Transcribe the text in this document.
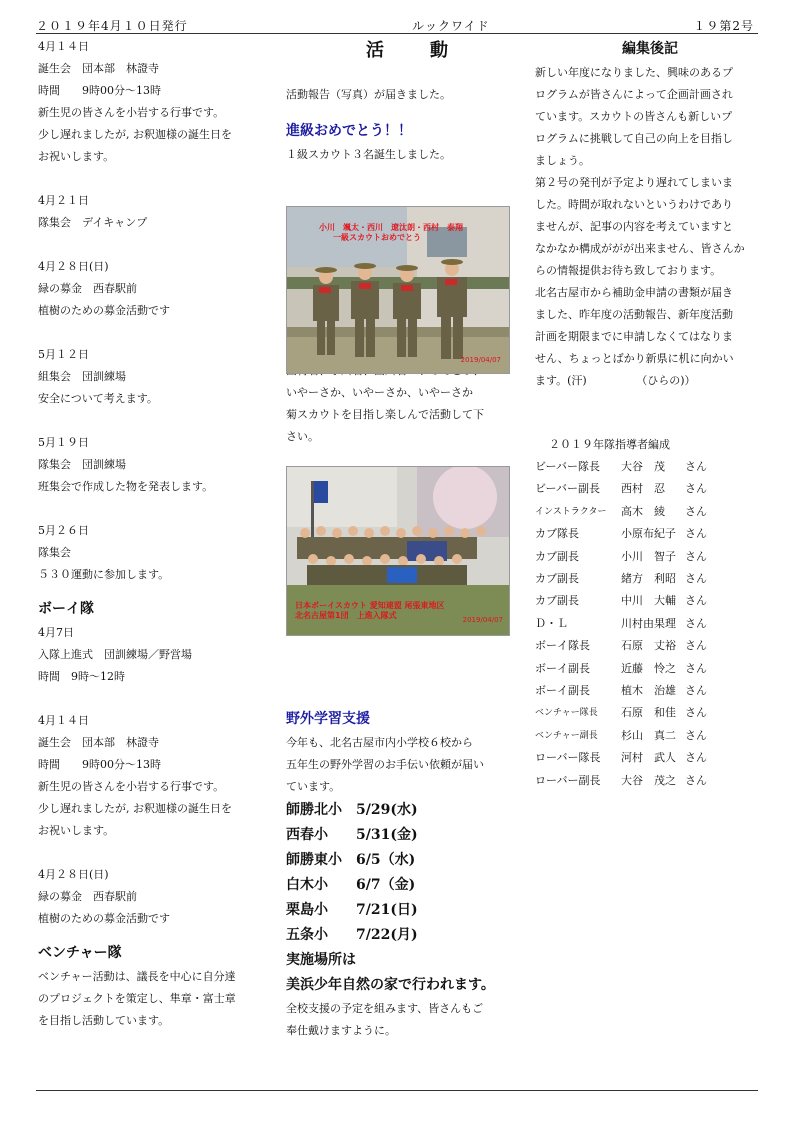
２０１９年4月１０日発行	ルックワイド	１９第2号
活　動

4月１４日

誕生会　団本部　林證寺

時間　　9時00分～13時

新生児の皆さんを小岩する行事です。

少し遅れましたが, お釈迦様の誕生日を

お祝いします。

4月２１日

隊集会　デイキャンプ

4月２８日(日)

緑の募金　西春駅前

植樹のための募金活動です

5月１２日

組集会　団訓練場

安全について考えます。

5月１９日

隊集会　団訓練場

班集会で作成した物を発表します。

5月２６日

隊集会

５３０運動に参加します。

ボーイ隊

4月7日

入隊上進式　団訓練場／野営場

時間　9時～12時

4月１４日

誕生会　団本部　林證寺

時間　　9時00分～13時

新生児の皆さんを小岩する行事です。

少し遅れましたが, お釈迦様の誕生日を

お祝いします。

4月２８日(日)

緑の募金　西春駅前

植樹のための募金活動です

ベンチャー隊

ベンチャー活動は、議長を中心に自分達

のプロジェクトを策定し、隼章・富士章

を目指し活動しています。

活動報告（写真）が届きました。

進級おめでとう！！

１級スカウト３名誕生しました。

いやーさか、いやーさか、いやーさか

菊スカウトを目指し楽しんで活動して下

さい。

野外学習支援

今年も、北名古屋市内小学校６校から

五年生の野外学習のお手伝い依頼が届い

ています。

師勝北小 5/29(水)

西春小 5/31(金)

師勝東小 6/5（水)

白木小 6/7（金)

栗島小 7/21(日)

五条小 7/22(月)

実施場所は

美浜少年自然の家で行われます。

全校支援の予定を組みます、皆さんもご

奉仕戴けますように。

小川　颯太・西川　遼汰朗・西村　泰翔
一級スカウトおめでとう
2019/04/07
日本ボーイスカウト 愛知連盟 尾張東地区
北名古屋第1団　上進入隊式	2019/04/07

編集後記

新しい年度になりました、興味のあるプ

ログラムが皆さんによって企画計画され

ています。スカウトの皆さんも新しいプ

ログラムに挑戦して自己の向上を目指し

ましょう。

第２号の発刊が予定より遅れてしまいま

した。時間が取れないというわけであり

ませんが、記事の内容を考えていますと

なかなか構成ががが出来ません、皆さんか

らの情報提供お待ち致しております。

北名古屋市から補助金申請の書類が届き

ました、昨年度の活動報告、新年度活動

計画を期限までに申請しなくてはなりま

せん、ちょっとばかり新県に机に向かい

ます。(汗)　　　　　（ひらの)）

２０１９年隊指導者編成

ビーバー隊長	大谷　茂	さん
ビーバー副長	西村　忍	さん
インストラクター	高木　綾	さん
カブ隊長	小原布紀子 さん
カブ副長	小川　智子 さん
カブ副長	緒方　利昭 さん
カブ副長	中川　大輔 さん
Ｄ・Ｌ	川村由果理 さん
ボーイ隊長	石原　丈裕 さん
ボーイ副長	近藤　怜之 さん
ボーイ副長	植木　治雄 さん
ベンチャー隊長	石原　和佳 さん
ベンチャー副長	杉山　真二 さん
ローバー隊長	河村　武人 さん
ローバー副長	大谷　茂之 さん
